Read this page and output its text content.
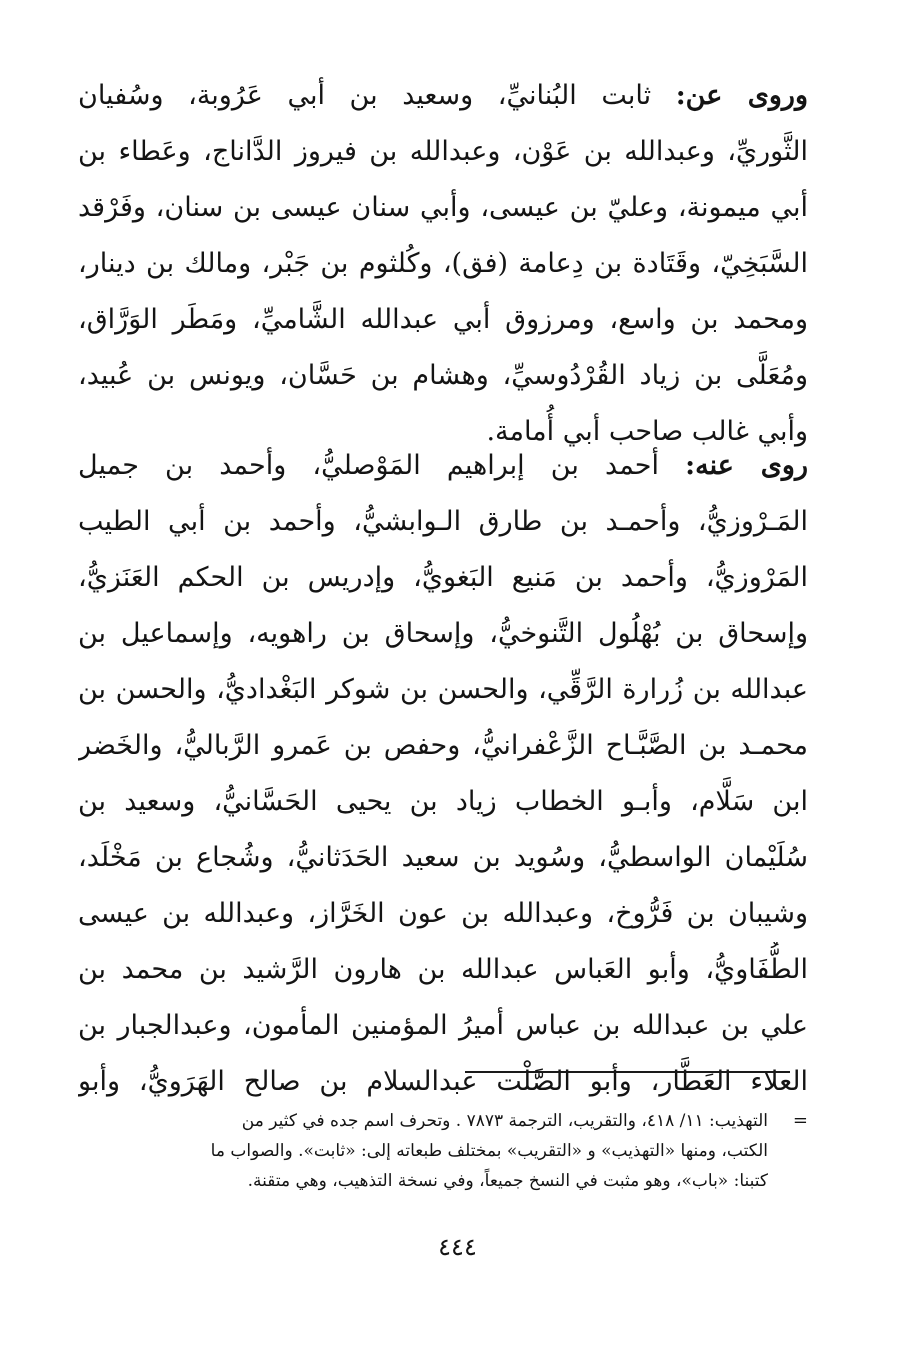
وروى عن: ثابت البُنانيِّ، وسعيد بن أبي عَرُوبة، وسُفيان
الثَّوريِّ، وعبدالله بن عَوْن، وعبدالله بن فيروز الدَّاناج، وعَطاء بن
أبي ميمونة، وعليّ بن عيسى، وأبي سنان عيسى بن سنان، وفَرْقد
السَّبَخِيّ، وقَتَادة بن دِعامة (فق)، وكُلثوم بن جَبْر، ومالك بن دينار،
ومحمد بن واسع، ومرزوق أبي عبدالله الشَّاميِّ، ومَطَر الوَرَّاق،
ومُعَلَّى بن زياد القُرْدُوسيِّ، وهشام بن حَسَّان، ويونس بن عُبيد،
وأبي غالب صاحب أبي أُمامة.
روى عنه: أحمد بن إبراهيم المَوْصليُّ، وأحمد بن جميل
المَـرْوزيُّ، وأحمـد بن طارق الـوابشيُّ، وأحمد بن أبي الطيب
المَرْوزيُّ، وأحمد بن مَنيع البَغويُّ، وإدريس بن الحكم العَنَزيُّ،
وإسحاق بن بُهْلُول التَّنوخيُّ، وإسحاق بن راهويه، وإسماعيل بن
عبدالله بن زُرارة الرَّقِّي، والحسن بن شوكر البَغْداديُّ، والحسن بن
محمـد بن الصَّبَّـاح الزَّعْفرانيُّ، وحفص بن عَمرو الرَّباليُّ، والخَضر
ابن سَلَّام، وأبـو الخطاب زياد بن يحيى الحَسَّانيُّ، وسعيد بن
سُلَيْمان الواسطيُّ، وسُويد بن سعيد الحَدَثانيُّ، وشُجاع بن مَخْلَد،
وشيبان بن فَرُّوخ، وعبدالله بن عون الخَرَّاز، وعبدالله بن عيسى
الطُّفَاويُّ، وأبو العَباس عبدالله بن هارون الرَّشيد بن محمد بن
علي بن عبدالله بن عباس أميرُ المؤمنين المأمون، وعبدالجبار بن
العلاء العَطَّار، وأبو الصَّلْت عبدالسلام بن صالح الهَرَويُّ، وأبو
=
التهذيب: ١١/ ٤١٨، والتقريب، الترجمة ٧٨٧٣ . وتحرف اسم جده في كثير من
الكتب، ومنها «التهذيب» و «التقريب» بمختلف طبعاته إلى: «ثابت». والصواب ما
كتبنا: «باب»، وهو مثبت في النسخ جميعاً، وفي نسخة التذهيب، وهي متقنة.
٤٤٤
